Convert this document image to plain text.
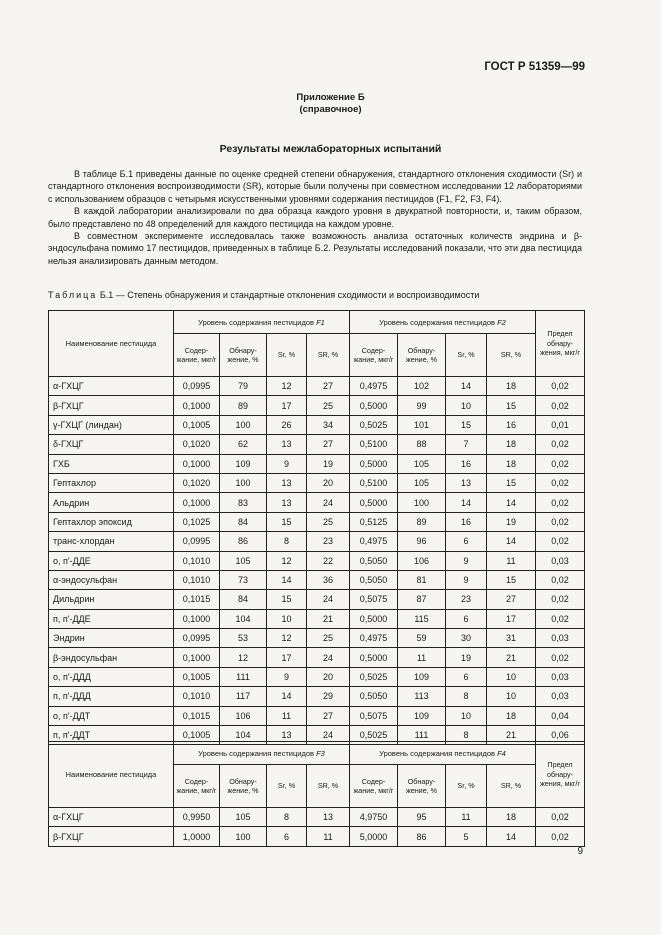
ГОСТ Р 51359—99
Приложение Б
(справочное)
Результаты межлабораторных испытаний

В таблице Б.1 приведены данные по оценке средней степени обнаружения, стандартного отклонения сходимости (Sr) и стандартного отклонения воспроизводимости (SR), которые были получены при совместном исследовании 12 лабораториями с использованием образцов с четырьмя искусственными уровнями содержания пестицидов (F1, F2, F3, F4).

В каждой лаборатории анализировали по два образца каждого уровня в двукратной повторности, и, таким образом, было представлено по 48 определений для каждого пестицида на каждом уровне.

В совместном эксперименте исследовалась также возможность анализа остаточных количеств эндрина и β-эндосульфана помимо 17 пестицидов, приведенных в таблице Б.2. Результаты исследований показали, что эти два пестицида нельзя анализировать данным методом.

Таблица Б.1 — Степень обнаружения и стандартные отклонения сходимости и воспроизводимости
Наименование пестицида	Уровень содержания пестицидов F1				Уровень содержания пестицидов F2				Предел обнару-жения, мкг/г
	Содер-жание, мкг/г	Обнару-жение, %	Sr, %	SR, %	Содер-жание, мкг/г	Обнару-жение, %	Sr, %	SR, %	
α-ГХЦГ	0,0995	79	12	27	0,4975	102	14	18	0,02
β-ГХЦГ	0,1000	89	17	25	0,5000	99	10	15	0,02
γ-ГХЦГ (линдан)	0,1005	100	26	34	0,5025	101	15	16	0,01
δ-ГХЦГ	0,1020	62	13	27	0,5100	88	7	18	0,02
ГХБ	0,1000	109	9	19	0,5000	105	16	18	0,02
Гептахлор	0,1020	100	13	20	0,5100	105	13	15	0,02
Альдрин	0,1000	83	13	24	0,5000	100	14	14	0,02
Гептахлор эпоксид	0,1025	84	15	25	0,5125	89	16	19	0,02
транс-хлордан	0,0995	86	8	23	0,4975	96	6	14	0,02
о, п'-ДДЕ	0,1010	105	12	22	0,5050	106	9	11	0,03
α-эндосульфан	0,1010	73	14	36	0,5050	81	9	15	0,02
Дильдрин	0,1015	84	15	24	0,5075	87	23	27	0,02
п, п'-ДДЕ	0,1000	104	10	21	0,5000	115	6	17	0,02
Эндрин	0,0995	53	12	25	0,4975	59	30	31	0,03
β-эндосульфан	0,1000	12	17	24	0,5000	11	19	21	0,02
о, п'-ДДД	0,1005	111	9	20	0,5025	109	6	10	0,03
п, п'-ДДД	0,1010	117	14	29	0,5050	113	8	10	0,03
о, п'-ДДТ	0,1015	106	11	27	0,5075	109	10	18	0,04
п, п'-ДДТ	0,1005	104	13	24	0,5025	111	8	21	0,06
Наименование пестицида	Уровень содержания пестицидов F3				Уровень содержания пестицидов F4				Предел обнару-жения, мкг/г
	Содер-жание, мкг/г	Обнару-жение, %	Sr, %	SR, %	Содер-жание, мкг/г	Обнару-жение, %	Sr, %	SR, %	
α-ГХЦГ	0,9950	105	8	13	4,9750	95	11	18	0,02
β-ГХЦГ	1,0000	100	6	11	5,0000	86	5	14	0,02
9
